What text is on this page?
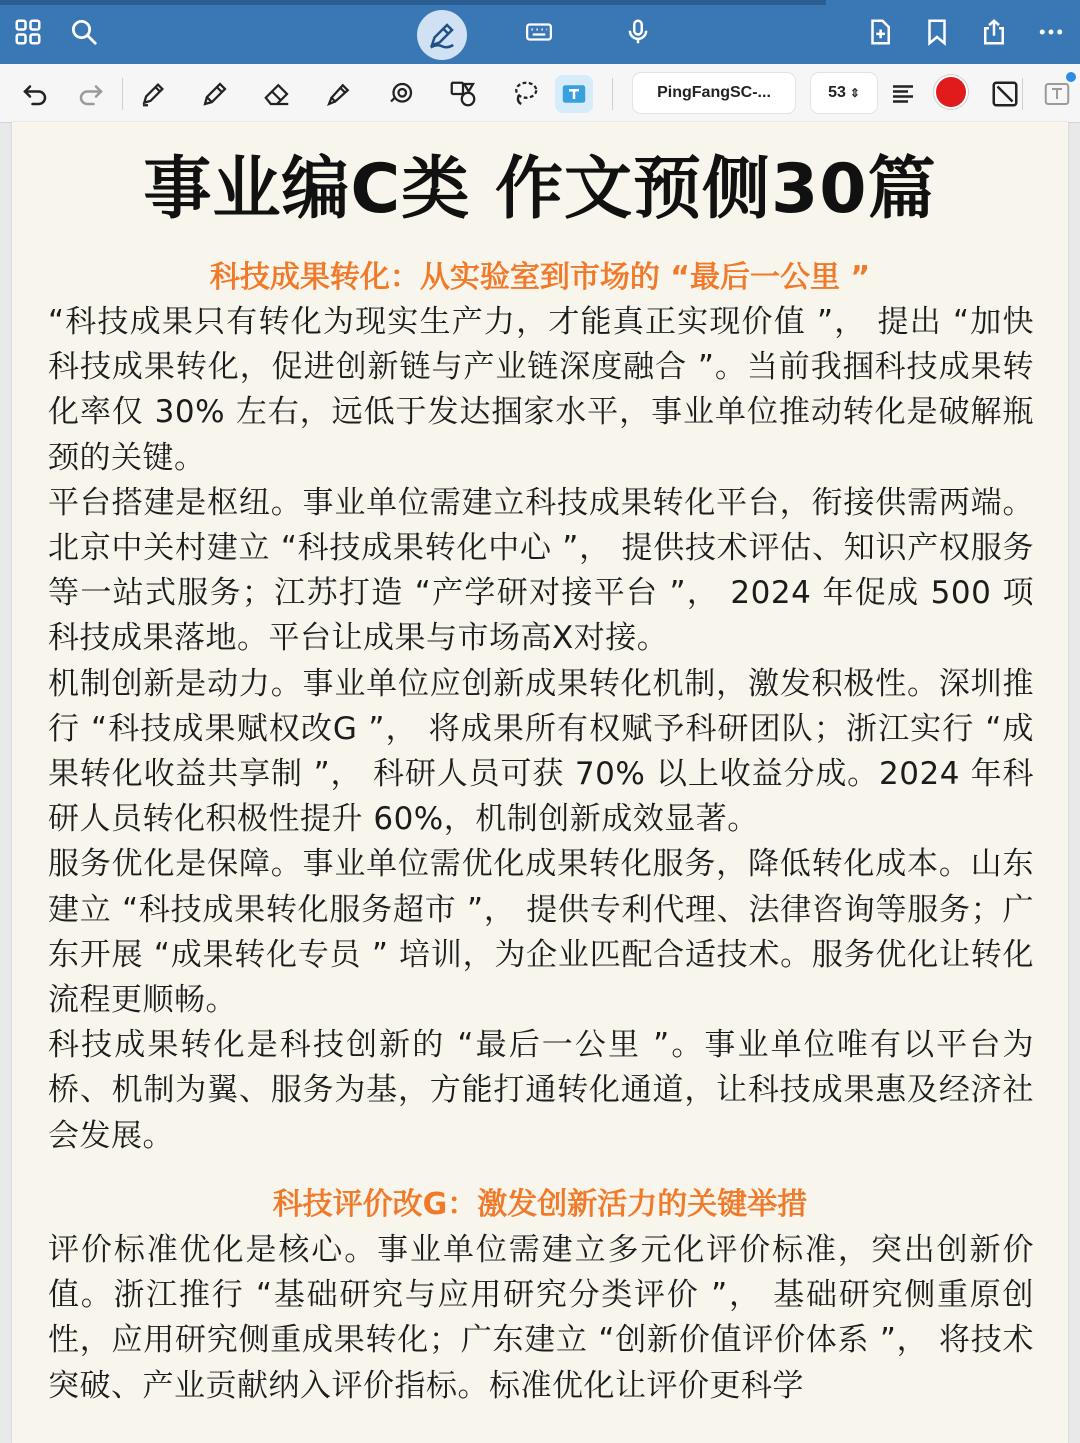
PingFangSC-...	53 ⇕
事业编C类 作文预侧30篇
科技成果转化：从实验室到市场的 “最后一公里 ”

“科技成果只有转化为现实生产力，才能真正实现价值 ”， 提出 “加快科技成果转化，促进创新链与产业链深度融合 ”。当前我掴科技成果转化率仅 30% 左右，远低于发达掴家水平，事业单位推动转化是破解瓶颈的关键。

平台搭建是枢纽。事业单位需建立科技成果转化平台，衔接供需两端。北京中关村建立 “科技成果转化中心 ”， 提供技术评估、知识产权服务等一站式服务；江苏打造 “产学研对接平台 ”， 2024 年促成 500 项科技成果落地。平台让成果与市场高X对接。

机制创新是动力。事业单位应创新成果转化机制，激发积极性。深圳推行 “科技成果赋权改G ”， 将成果所有权赋予科研团队；浙江实行 “成果转化收益共享制 ”， 科研人员可获 70% 以上收益分成。2024 年科研人员转化积极性提升 60%，机制创新成效显著。

服务优化是保障。事业单位需优化成果转化服务，降低转化成本。山东建立 “科技成果转化服务超市 ”， 提供专利代理、法律咨询等服务；广东开展 “成果转化专员 ” 培训，为企业匹配合适技术。服务优化让转化流程更顺畅。

科技成果转化是科技创新的 “最后一公里 ”。事业单位唯有以平台为桥、机制为翼、服务为基，方能打通转化通道，让科技成果惠及经济社会发展。

科技评价改G：激发创新活力的关键举措

评价标准优化是核心。事业单位需建立多元化评价标准，突出创新价值。浙江推行 “基础研究与应用研究分类评价 ”， 基础研究侧重原创性，应用研究侧重成果转化；广东建立 “创新价值评价体系 ”， 将技术突破、产业贡献纳入评价指标。标准优化让评价更科学
